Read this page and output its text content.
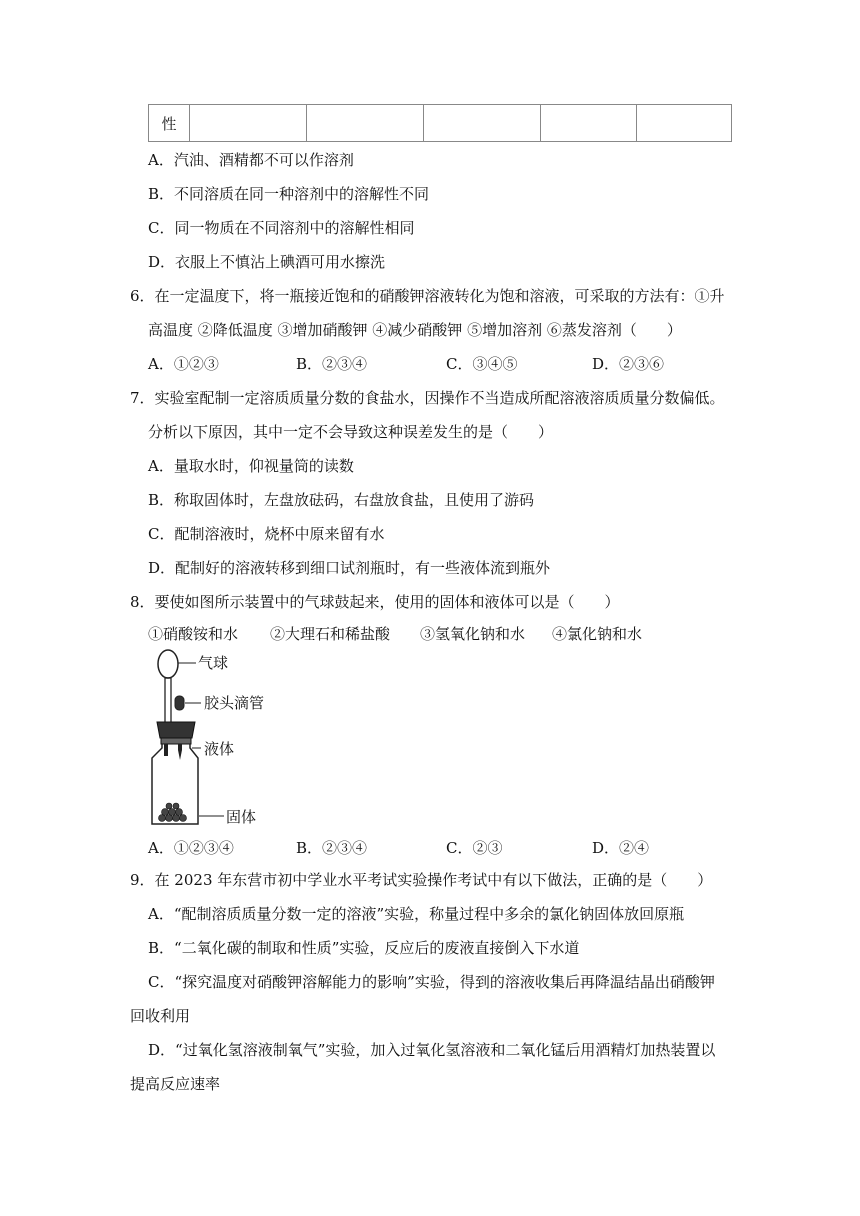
性					
A．汽油、酒精都不可以作溶剂
B．不同溶质在同一种溶剂中的溶解性不同
C．同一物质在不同溶剂中的溶解性相同
D．衣服上不慎沾上碘酒可用水擦洗
6．在一定温度下，将一瓶接近饱和的硝酸钾溶液转化为饱和溶液，可采取的方法有：①升
高温度 ②降低温度 ③增加硝酸钾 ④减少硝酸钾 ⑤增加溶剂 ⑥蒸发溶剂（　　）
A．①②③	B．②③④	C．③④⑤	D．②③⑥
7．实验室配制一定溶质质量分数的食盐水，因操作不当造成所配溶液溶质质量分数偏低。
分析以下原因，其中一定不会导致这种误差发生的是（　　）
A．量取水时，仰视量筒的读数
B．称取固体时，左盘放砝码，右盘放食盐，且使用了游码
C．配制溶液时，烧杯中原来留有水
D．配制好的溶液转移到细口试剂瓶时，有一些液体流到瓶外
8．要使如图所示装置中的气球鼓起来，使用的固体和液体可以是（　　）
①硝酸铵和水 ②大理石和稀盐酸 ③氢氧化钠和水 ④氯化钠和水
气球
胶头滴管
液体
固体
A．①②③④	B．②③④	C．②③	D．②④
9．在 2023 年东营市初中学业水平考试实验操作考试中有以下做法，正确的是（　　）
A．“配制溶质质量分数一定的溶液”实验，称量过程中多余的氯化钠固体放回原瓶
B．“二氧化碳的制取和性质”实验，反应后的废液直接倒入下水道
C．“探究温度对硝酸钾溶解能力的影响”实验，得到的溶液收集后再降温结晶出硝酸钾
回收利用
D．“过氧化氢溶液制氧气”实验，加入过氧化氢溶液和二氧化锰后用酒精灯加热装置以
提高反应速率
